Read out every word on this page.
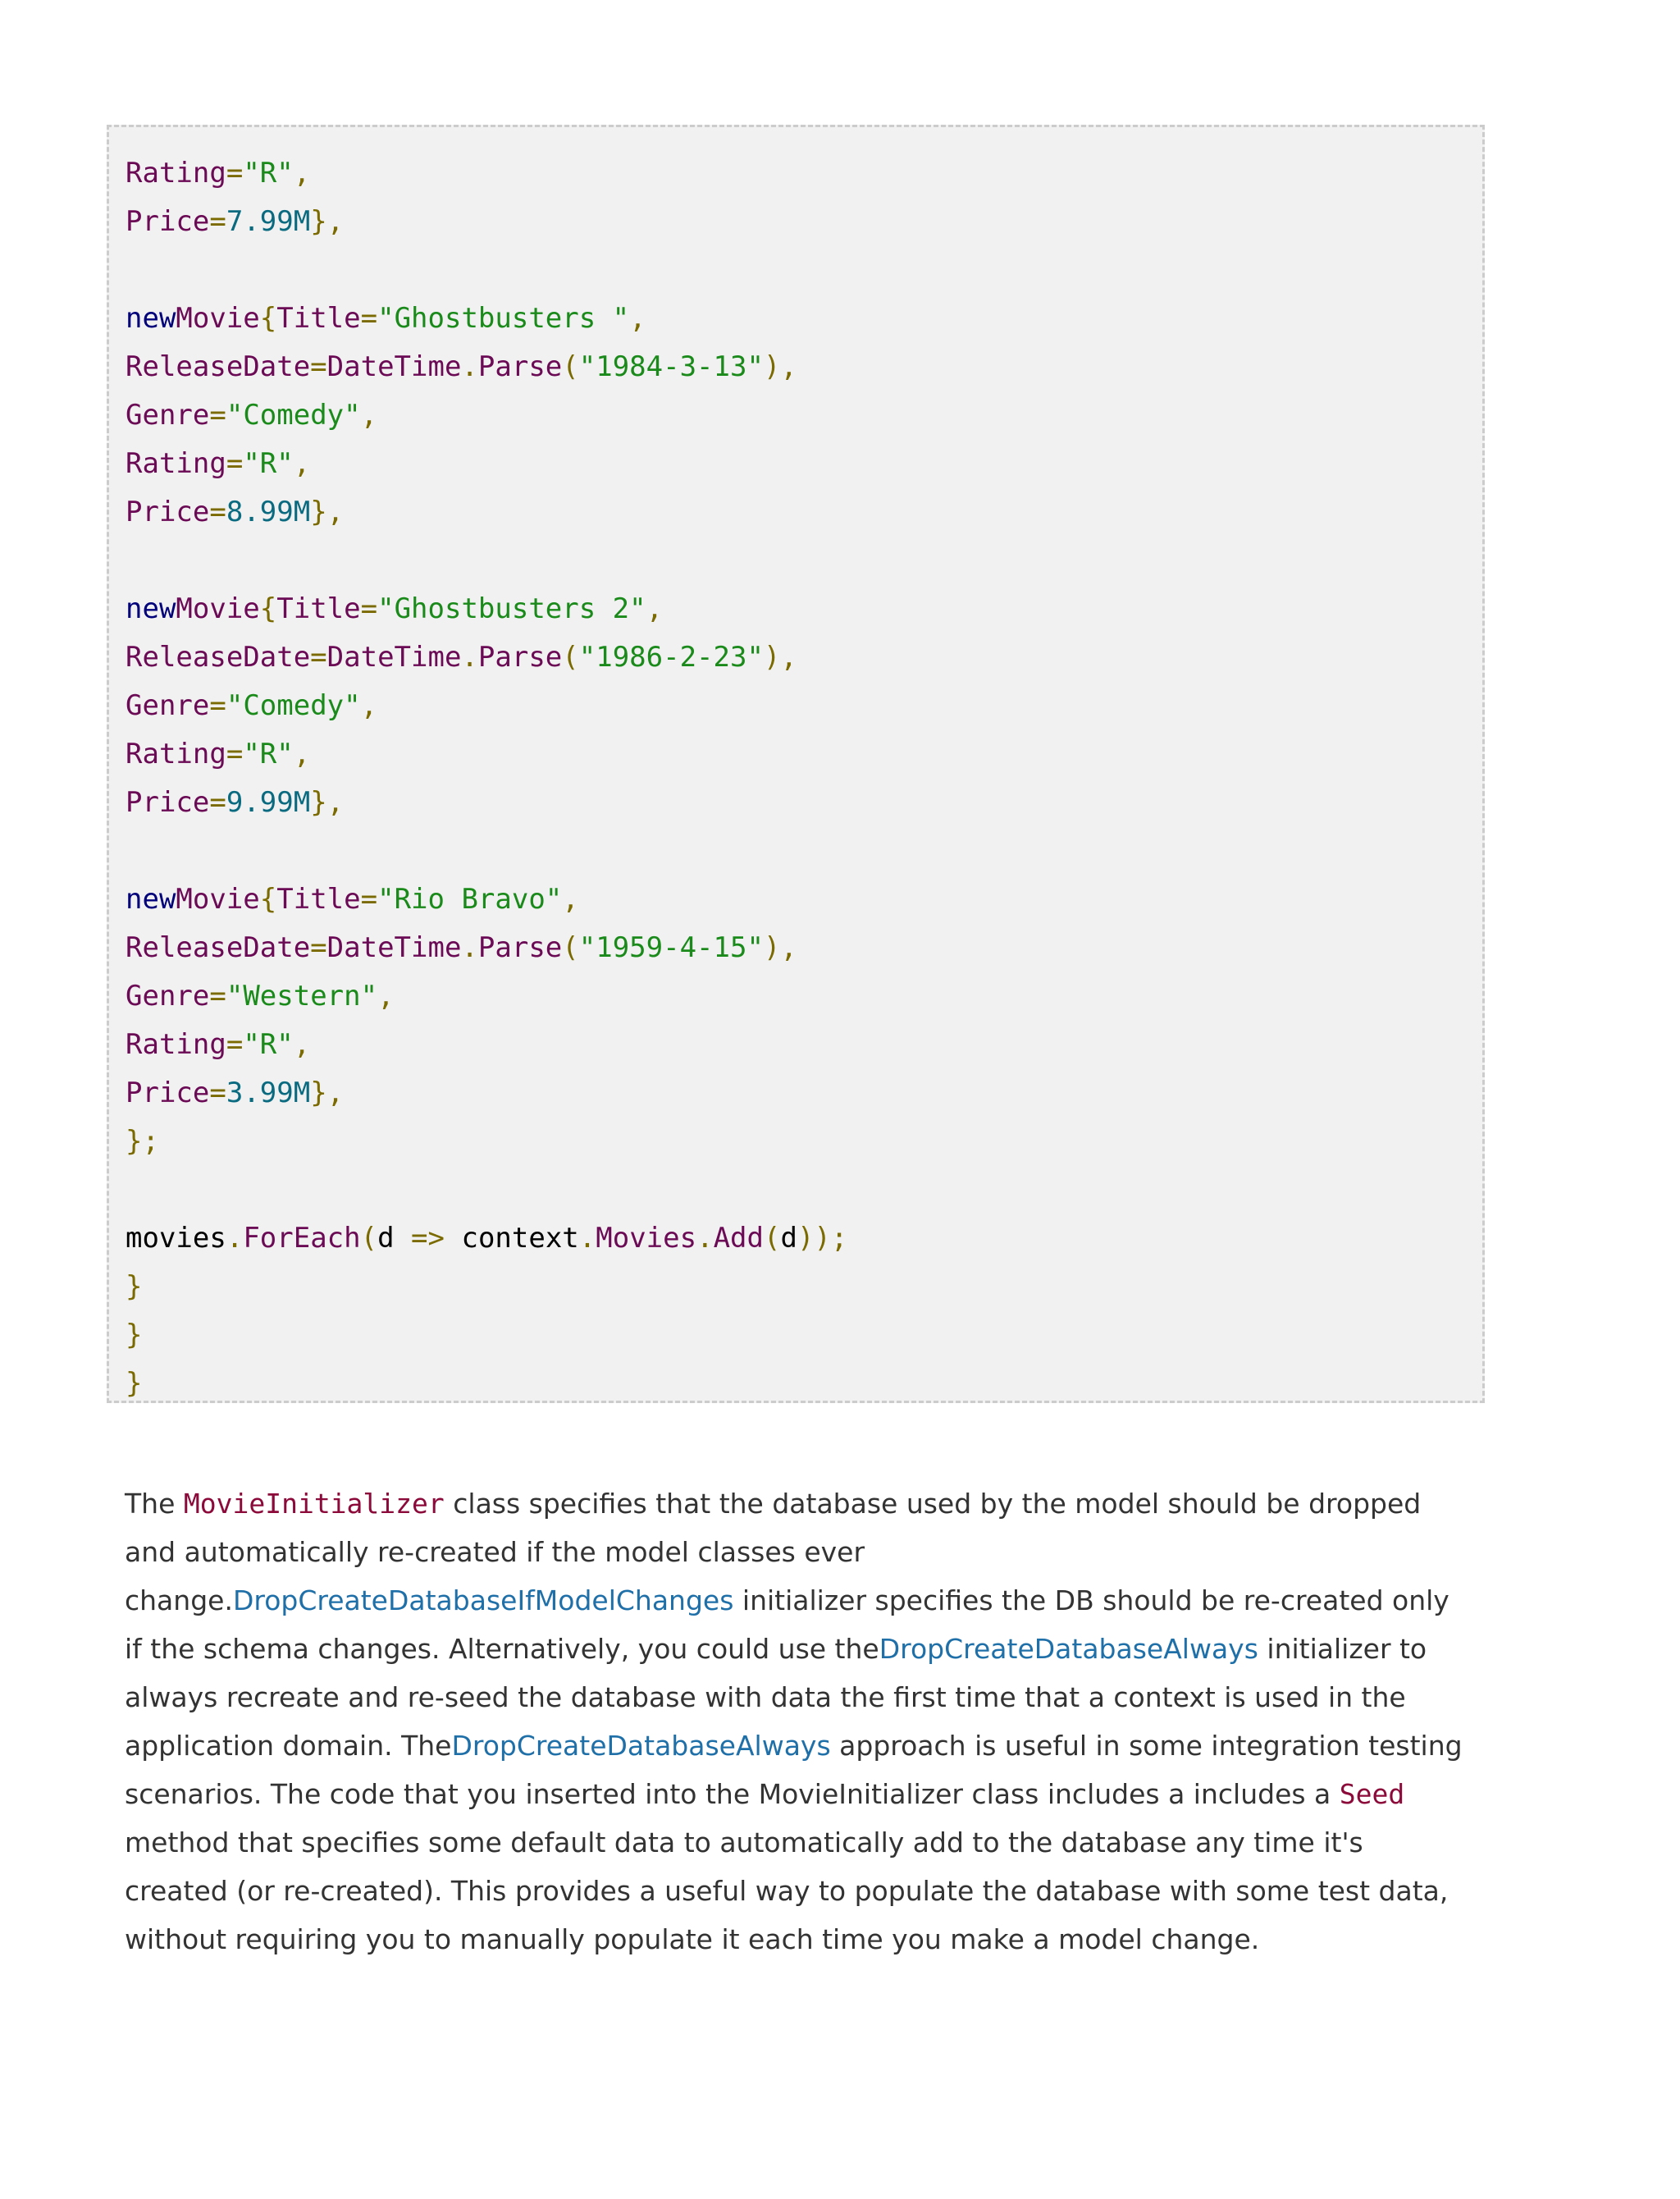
Rating="R",
Price=7.99M},
newMovie{Title="Ghostbusters ",
ReleaseDate=DateTime.Parse("1984-3-13"),
Genre="Comedy",
Rating="R",
Price=8.99M},
newMovie{Title="Ghostbusters 2",
ReleaseDate=DateTime.Parse("1986-2-23"),
Genre="Comedy",
Rating="R",
Price=9.99M},
newMovie{Title="Rio Bravo",
ReleaseDate=DateTime.Parse("1959-4-15"),
Genre="Western",
Rating="R",
Price=3.99M},
};
movies.ForEach(d => context.Movies.Add(d));
}
}
}
The MovieInitializer class specifies that the database used by the model should be dropped and automatically re-created if the model classes ever change.DropCreateDatabaseIfModelChanges initializer specifies the DB should be re-created only if the schema changes. Alternatively, you could use theDropCreateDatabaseAlways initializer to always recreate and re-seed the database with data the first time that a context is used in the application domain. TheDropCreateDatabaseAlways approach is useful in some integration testing scenarios. The code that you inserted into the MovieInitializer class includes a includes a Seed method that specifies some default data to automatically add to the database any time it's created (or re-created). This provides a useful way to populate the database with some test data, without requiring you to manually populate it each time you make a model change.
